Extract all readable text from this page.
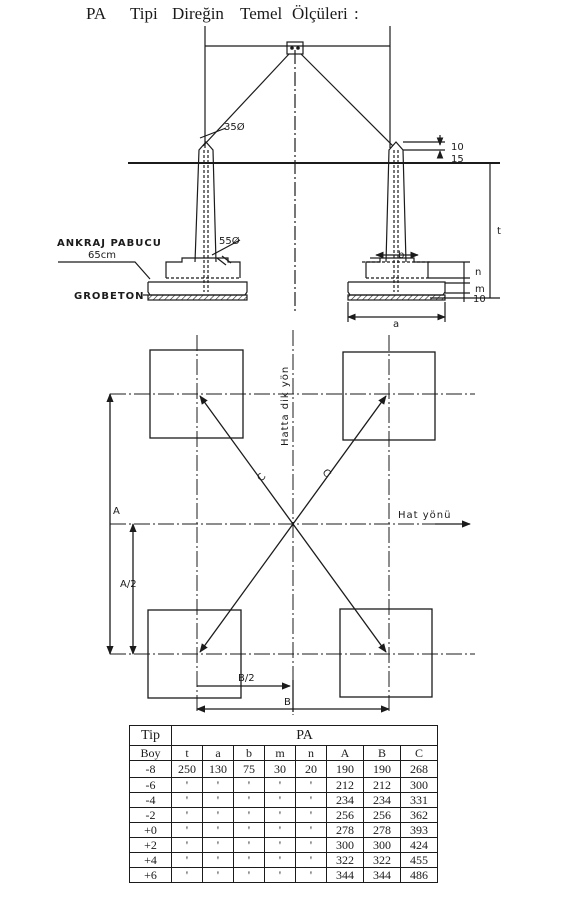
PA Tipi Direğin Temel Ölçüleri :
35Ø
55Ø
ANKRAJ PABUCU
65cm
GROBETON
10
15
t
b
n
m
10
a
Hatta dik yön
Hat yönü
C	C
A
A/2
B/2
B
Tip	PA							
Boy	t	a	b	m	n	A	B	C
-8	250	130	75	30	20	190	190	268
-6	'	'	'	'	'	212	212	300
-4	'	'	'	'	'	234	234	331
-2	'	'	'	'	'	256	256	362
+0	'	'	'	'	'	278	278	393
+2	'	'	'	'	'	300	300	424
+4	'	'	'	'	'	322	322	455
+6	'	'	'	'	'	344	344	486
